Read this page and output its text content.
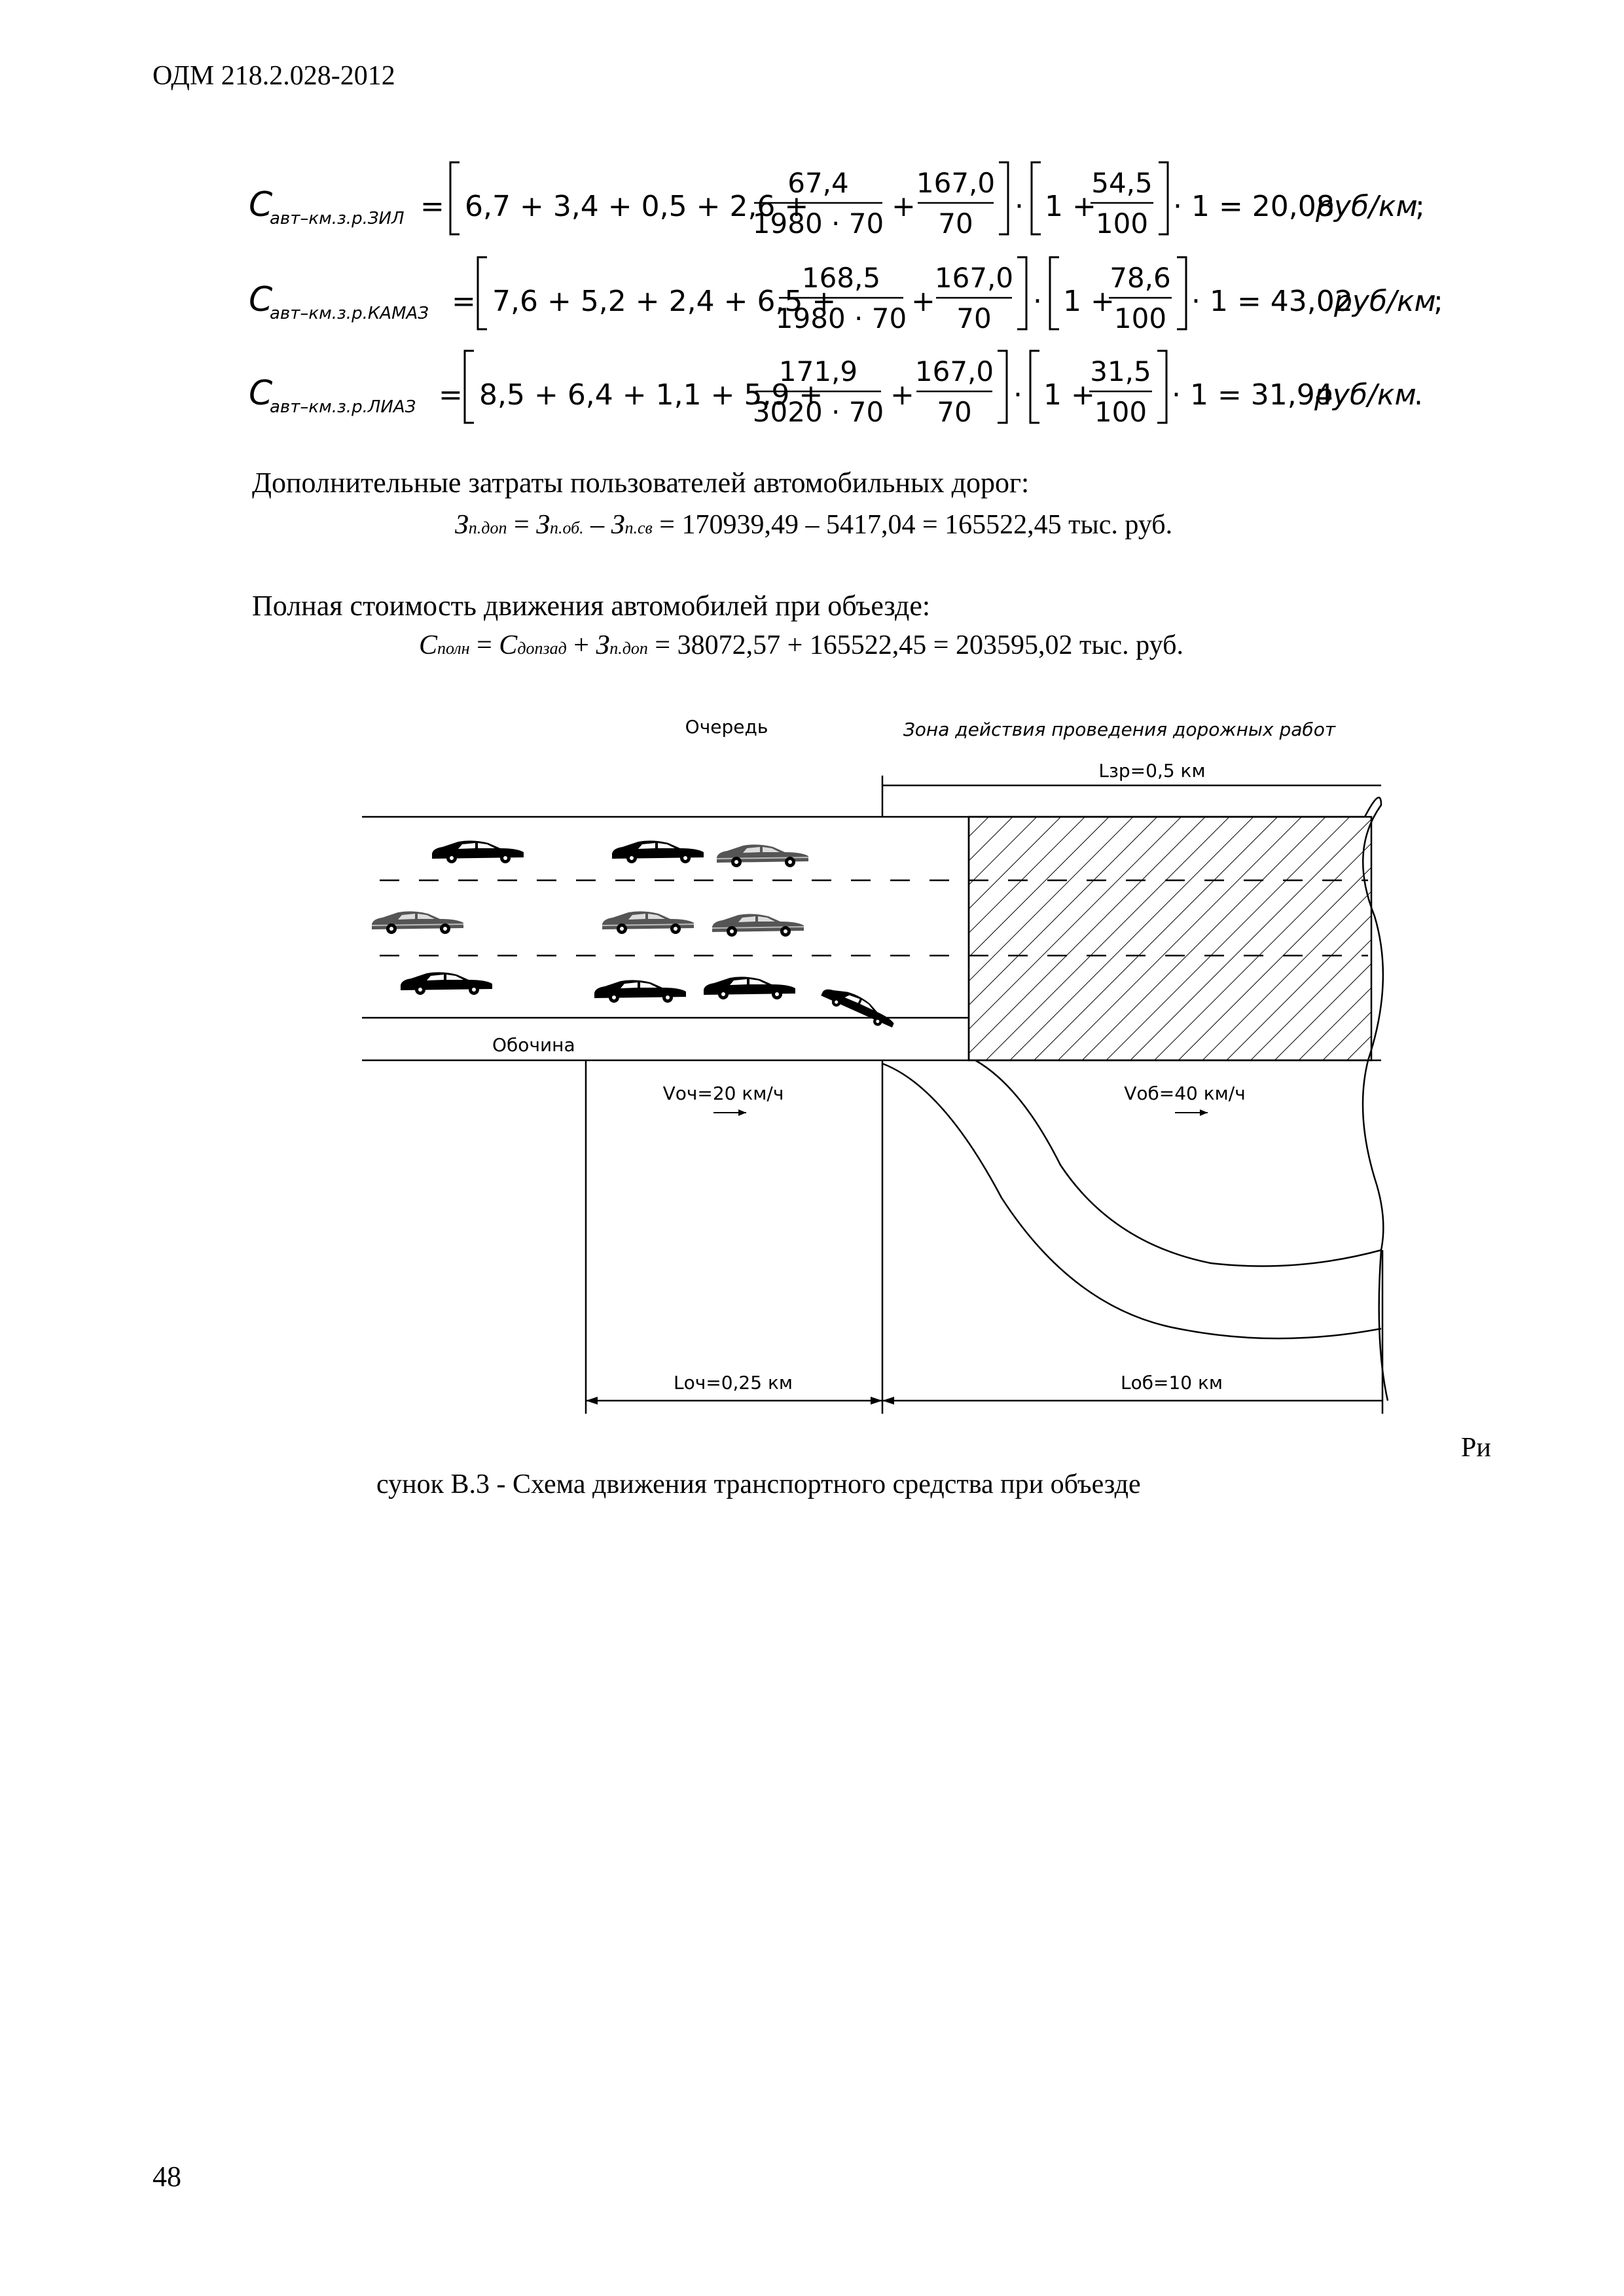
ОДМ 218.2.028-2012
C
авт–км.з.р.ЗИЛ = 6,7 + 3,4 + 0,5 + 2,6 +
67,4
1980 · 70
+
167,0
70
· 1 +
54,5
100
· 1 = 20,08
руб/км
;
C
авт–км.з.р.КАМАЗ = 7,6 + 5,2 + 2,4 + 6,5 +
168,5
1980 · 70
+
167,0
70
· 1 +
78,6
100
· 1 = 43,02
руб/км
;
C
авт–км.з.р.ЛИАЗ = 8,5 + 6,4 + 1,1 + 5,9 +
171,9
3020 · 70
+
167,0
70
· 1 +
31,5
100
· 1 = 31,94
руб/км
.
Дополнительные затраты пользователей автомобильных дорог:
Зп.доп = Зп.об. – Зп.св = 170939,49 – 5417,04 = 165522,45 тыс. руб.
Полная стоимость движения автомобилей при объезде:
Сполн = Сдопзад + Зп.доп = 38072,57 + 165522,45 = 203595,02 тыс. руб.
Очередь	Зона действия проведения дорожных работ
Lзр=0,5 км
Обочина
Vоч=20 км/ч	Vоб=40 км/ч
Lоч=0,25 км	Lоб=10 км
Ри
сунок В.3 - Схема движения транспортного средства при объезде
48
